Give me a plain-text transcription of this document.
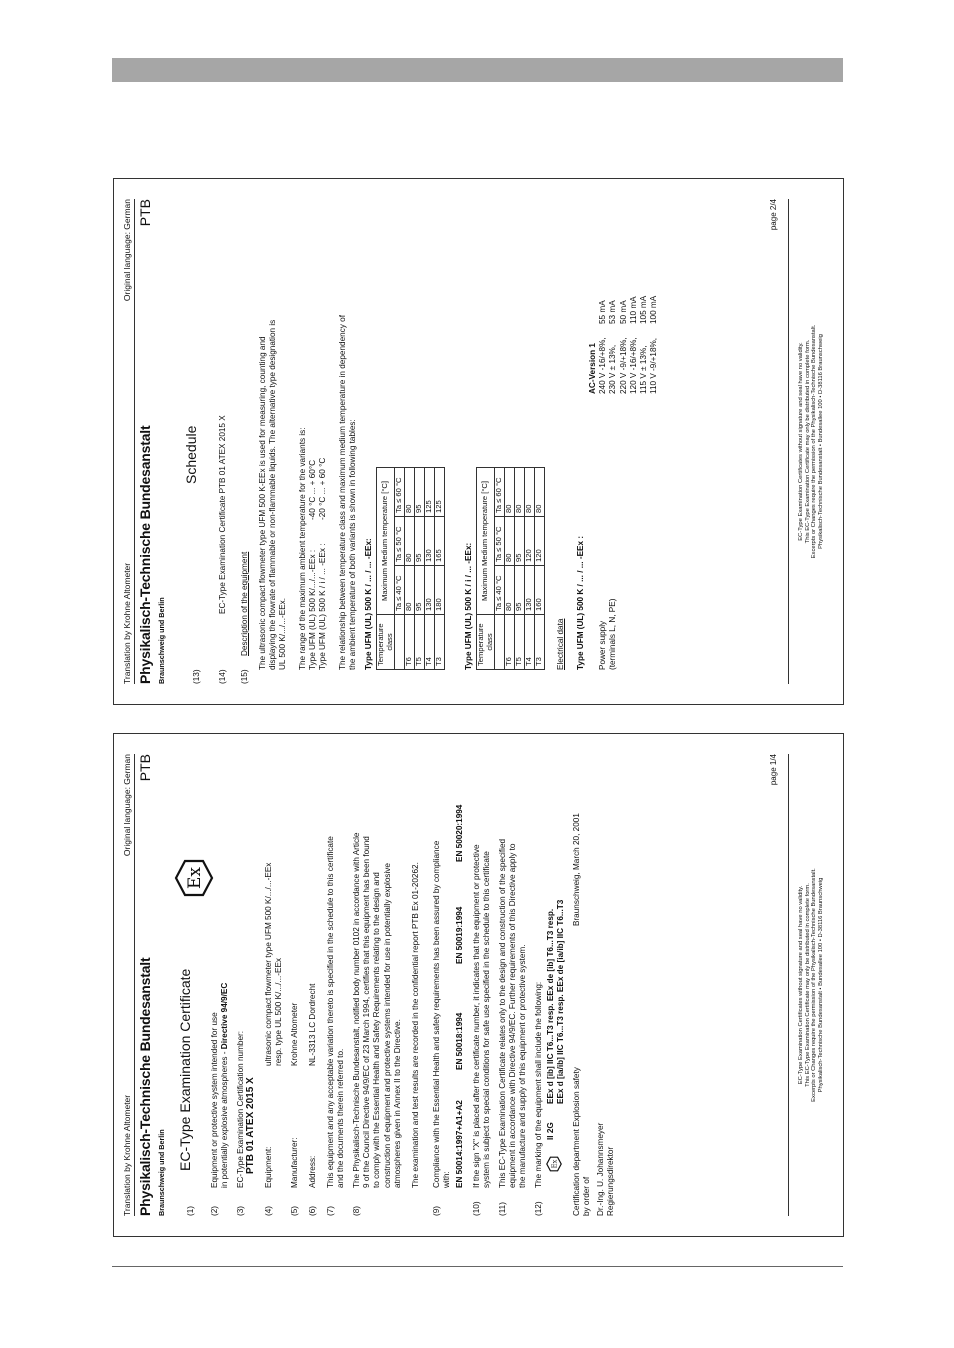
Translation by Krohne Altometer
Original language: German
Physikalisch-Technische Bundesanstalt Braunschweig und Berlin
PTB
(13)
Schedule
(14)
EC-Type Examination Certificate PTB 01 ATEX 2015 X
(15)
Description of the equipment The ultrasonic compact flowmeter type UFM 500 K-EEx is used for measuring, counting and displaying the flowrate of flammable or non-flammable liquids. The alternative type designation is UL 500 K/.../...-EEx. The range of the maximum ambient temperature for the variants is: Type UFM (UL) 500 K/.../...-EEx :-40 °C ... + 60°C
Type UFM (UL) 500 K / i / ... -EEx :-20 °C ... + 60 °C The relationship between temperature class and maximum medium temperature in dependency of the ambient temperature of both variants is shown in following tables: Type UFM (UL) 500 K / ... / ... -EEx: Temperature class	Maximum Medium temperature [°C]		
	Ta ≤ 40 °C	Ta ≤ 50 °C	Ta ≤ 60 °C
T6	80	80	80
T5	95	95	95
T4	130	130	125
T3	180	165	125
Type UFM (UL) 500 K / i / ... -EEx: Temperature class	Maximum Medium temperature [°C]		
	Ta ≤ 40 °C	Ta ≤ 50 °C	Ta ≤ 60 °C
T6	80	80	80
T5	95	95	80
T4	130	120	80
T3	160	120	80
Electrical data Type UFM (UL) 500 K / ... / ... -EEx : Power supply (terminals L, N, PE)
AC-Version 1 240 V -16/+8%,55 mA
230 V ± 13%,53 mA
220 V -9/+18%,50 mA
120 V -16/+8%,110 mA
115 V ± 13%,105 mA
110 V -9/+18%,100 mA
page 2/4
EC-Type Examination Certificates without signature and seal have no validity. This EC-Type Examination Certificate may only be distributed in complete form. Excerpts or Changes require the permission of the Physikalisch-Technische Bundesanstalt. Physikalisch-Technische Bundesanstalt • Bundesallee 100 • D-38116 Braunschweig
Translation by Krohne Altometer
Original language: German
Physikalisch-Technische Bundesanstalt Braunschweig und Berlin
PTB
Ex
(1)
EC-Type Examination Certificate
(2)
Equipment or protective system intended for use in potentially explosive atmospheres - Directive 94/9/EC
(3)
EC-Type Examination Certification number: PTB 01 ATEX 2015 X
(4)
Equipment:
ultrasonic compact flowmeter type UFM 500 K/.../...-EEx resp. type UL 500 K/.../...-EEx
(5)
Manufacturer:
Krohne Altometer
(6)
Address:
NL-3313 LC Dordrecht
(7)
This equipment and any acceptable variation thereto is specified in the schedule to this certificate and the documents therein referred to.
(8)
The Physikalisch-Technische Bundesanstalt, notified body number 0102 in accordance with Article 9 of the Council Directive 94/9/EC of 23 March 1994, certifies that this equipment has been found to comply with the Essential Health and Safety Requirements relating to the design and construction of equipment and protective systems intended for use in potentially explosive atmospheres given in Annex II to the Directive. The examination and test results are recorded in the confidential report PTB Ex 01-20262.
(9)
Compliance with the Essential Health and safety requirements has been assured by compliance with: EN 50014:1997+A1+A2EN 50018:1994EN 50019:1994EN 50020:1994
(10)
If the sign "X" is placed after the certificate number, it indicates that the equipment or protective system is subject to special conditions for safe use specified in the schedule to this certificate
(11)
This EC-Type Examination Certificate relates only to the design and construction of the specified equipment in accordance with Directive 94/9/EC. Further requirements of this Directive apply to the manufacture and supply of this equipment or protective system.
(12)
The marking of the equipment shall include the following: Ex
II 2G
EEx d [ib] IIC T6...T3 resp. EEx de [ib] T6...T3 resp. EEx d [ia/ib] IIC T6...T3 resp. EEx de [ia/ib] IIC T6...T3
Certification department Explosion safetyBraunschweig, March 20, 2001
by order of Dr.-Ing. U. Johannsmeyer Regierungsdirektor
page 1/4
EC-Type Examination Certificates without signature and seal have no validity. This EC-Type Examination Certificate may only be distributed in complete form. Excerpts or Changes require the permission of the Physikalisch-Technische Bundesanstalt. Physikalisch-Technische Bundesanstalt • Bundesallee 100 • D-38116 Braunschweig
